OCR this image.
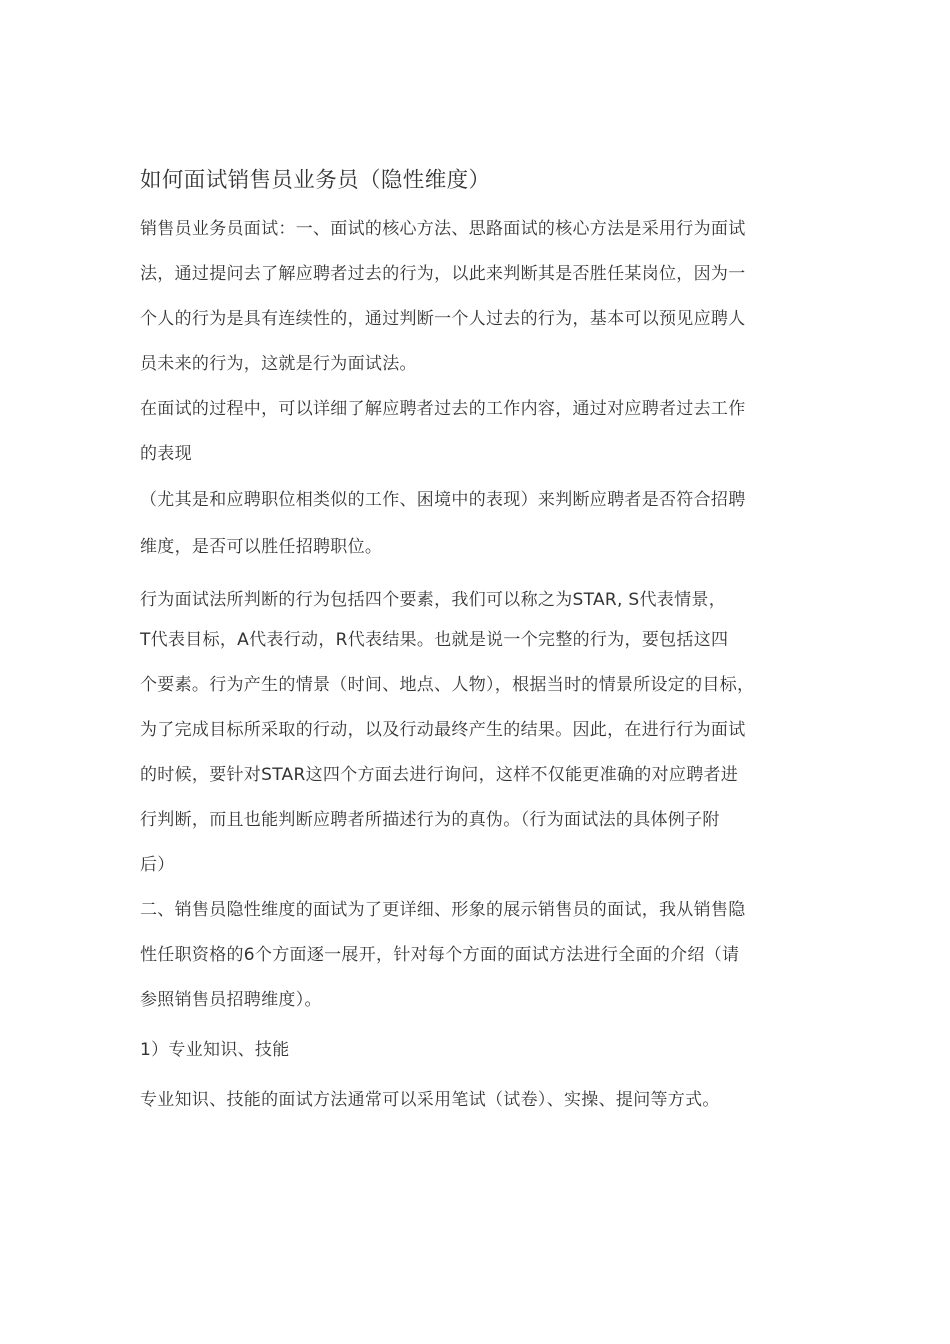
如何面试销售员业务员（隐性维度）
销售员业务员面试：一、面试的核心方法、思路面试的核心方法是采用行为面试
法，通过提问去了解应聘者过去的行为，以此来判断其是否胜任某岗位，因为一
个人的行为是具有连续性的，通过判断一个人过去的行为，基本可以预见应聘人
员未来的行为，这就是行为面试法。
在面试的过程中，可以详细了解应聘者过去的工作内容，通过对应聘者过去工作
的表现
（尤其是和应聘职位相类似的工作、困境中的表现）来判断应聘者是否符合招聘
维度，是否可以胜任招聘职位。
行为面试法所判断的行为包括四个要素，我们可以称之为STAR, S代表情景，
T代表目标，A代表行动，R代表结果。也就是说一个完整的行为，要包括这四
个要素。行为产生的情景（时间、地点、人物），根据当时的情景所设定的目标，
为了完成目标所采取的行动，以及行动最终产生的结果。因此，在进行行为面试
的时候，要针对STAR这四个方面去进行询问，这样不仅能更准确的对应聘者进
行判断，而且也能判断应聘者所描述行为的真伪。（行为面试法的具体例子附
后）
二、销售员隐性维度的面试为了更详细、形象的展示销售员的面试，我从销售隐
性任职资格的6个方面逐一展开，针对每个方面的面试方法进行全面的介绍（请
参照销售员招聘维度）。
1）专业知识、技能
专业知识、技能的面试方法通常可以采用笔试（试卷）、实操、提问等方式。
